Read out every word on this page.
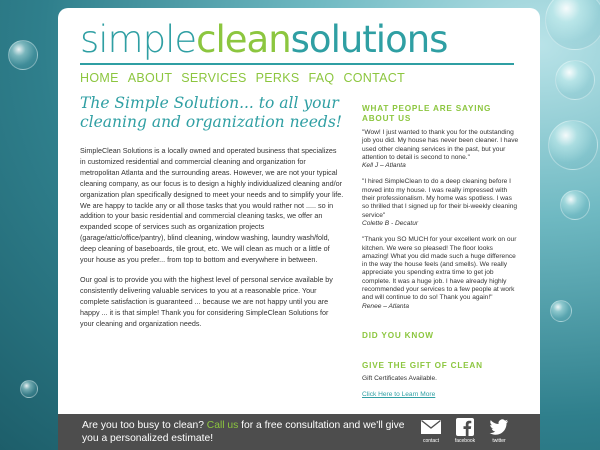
simplecleansolutions
HOME ABOUT SERVICES PERKS FAQ CONTACT
The Simple Solution... to all your cleaning and organization needs!

SimpleClean Solutions is a locally owned and operated business that specializes in customized residential and commercial cleaning and organization for metropolitan Atlanta and the surrounding areas. However, we are not your typical cleaning company, as our focus is to design a highly individualized cleaning and/or organization plan specifically designed to meet your needs and to simplify your life. We are happy to tackle any or all those tasks that you would rather not ..... so in addition to your basic residential and commercial cleaning tasks, we offer an expanded scope of services such as organization projects (garage/attic/office/pantry), blind cleaning, window washing, laundry wash/fold, deep cleaning of baseboards, tile grout, etc. We will clean as much or a little of your house as you prefer... from top to bottom and everywhere in between.

Our goal is to provide you with the highest level of personal service available by consistently delivering valuable services to you at a reasonable price. Your complete satisfaction is guaranteed ... because we are not happy until you are happy ... it is that simple! Thank you for considering SimpleClean Solutions for your cleaning and organization needs.

WHAT PEOPLE ARE SAYING ABOUT US
"Wow! I just wanted to thank you for the outstanding job you did. My house has never been cleaner. I have used other cleaning services in the past, but your attention to detail is second to none."
Kell J – Atlanta
"I hired SimpleClean to do a deep cleaning before I moved into my house. I was really impressed with their professionalism. My home was spotless. I was so thrilled that I signed up for their bi-weekly cleaning service"
Colette B - Decatur
"Thank you SO MUCH for your excellent work on our kitchen. We were so pleased! The floor looks amazing! What you did made such a huge difference in the way the house feels (and smells). We really appreciate you spending extra time to get job complete. It was a huge job. I have already highly recommended your services to a few people at work and will continue to do so! Thank you again!"
Renee – Atlanta
DID YOU KNOW
GIVE THE GIFT OF CLEAN
Gift Certificates Available.
Click Here to Learn More
Are you too busy to clean? Call us for a free consultation and we'll give you a personalized estimate!	contact	facebook	twitter
